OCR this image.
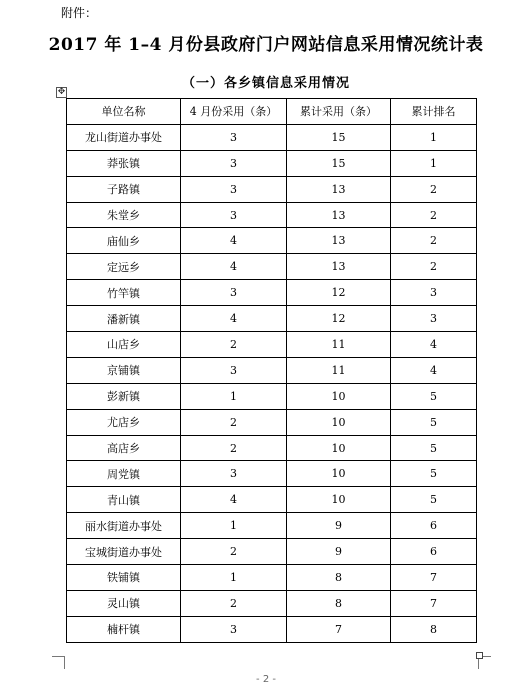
附件：
2017 年 1–4 月份县政府门户网站信息采用情况统计表
（一）各乡镇信息采用情况
✥
单位名称	4 月份采用（条）	累计采用（条）	累计排名
龙山街道办事处	3	15	1
莽张镇	3	15	1
子路镇	3	13	2
朱堂乡	3	13	2
庙仙乡	4	13	2
定远乡	4	13	2
竹竿镇	3	12	3
潘新镇	4	12	3
山店乡	2	11	4
京铺镇	3	11	4
彭新镇	1	10	5
尤店乡	2	10	5
高店乡	2	10	5
周党镇	3	10	5
青山镇	4	10	5
丽水街道办事处	1	9	6
宝城街道办事处	2	9	6
铁铺镇	1	8	7
灵山镇	2	8	7
楠杆镇	3	7	8
- 2 -
